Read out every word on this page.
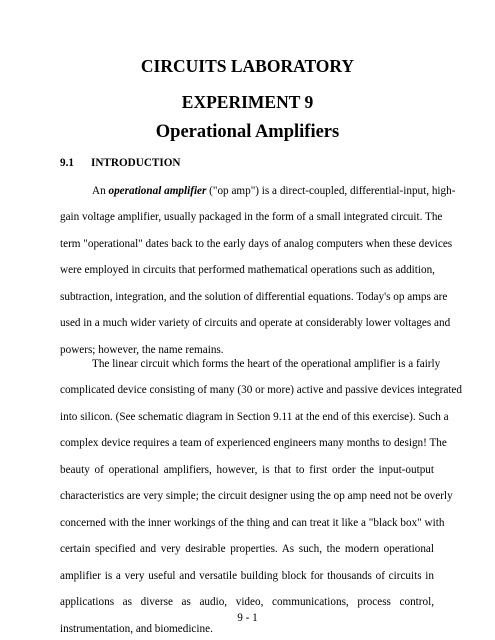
CIRCUITS LABORATORY
EXPERIMENT 9
Operational Amplifiers
9.1 INTRODUCTION
An operational amplifier ("op amp") is a direct-coupled, differential-input, high-
gain voltage amplifier, usually packaged in the form of a small integrated circuit. The
term "operational" dates back to the early days of analog computers when these devices
were employed in circuits that performed mathematical operations such as addition,
subtraction, integration, and the solution of differential equations. Today's op amps are
used in a much wider variety of circuits and operate at considerably lower voltages and
powers; however, the name remains.
The linear circuit which forms the heart of the operational amplifier is a fairly
complicated device consisting of many (30 or more) active and passive devices integrated
into silicon. (See schematic diagram in Section 9.11 at the end of this exercise). Such a
complex device requires a team of experienced engineers many months to design! The
beauty of operational amplifiers, however, is that to first order the input-output
characteristics are very simple; the circuit designer using the op amp need not be overly
concerned with the inner workings of the thing and can treat it like a "black box" with
certain specified and very desirable properties. As such, the modern operational
amplifier is a very useful and versatile building block for thousands of circuits in
applications as diverse as audio, video, communications, process control,
instrumentation, and biomedicine.
9 - 1
